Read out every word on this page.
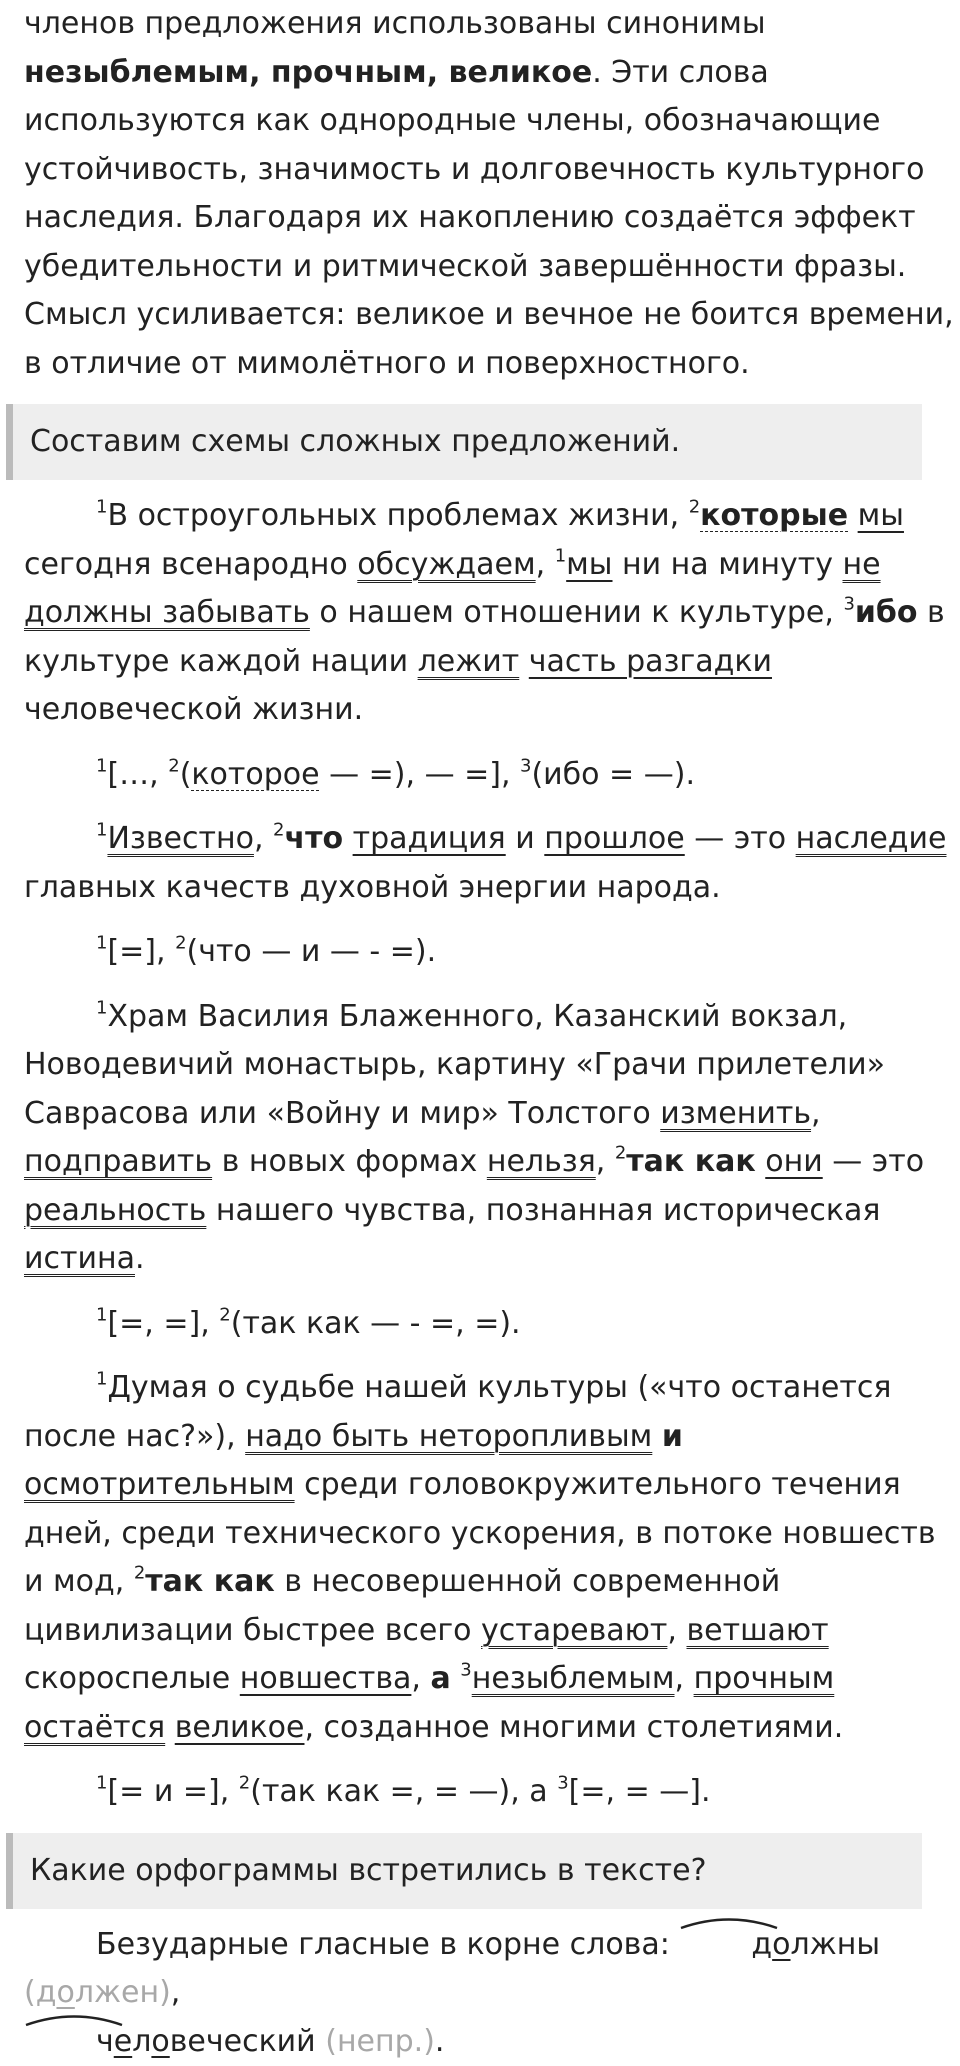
членов предложения использованы синонимы незыблемым, прочным, великое. Эти слова используются как однородные члены, обозначающие устойчивость, значимость и долговечность культурного наследия. Благодаря их накоплению создаётся эффект убедительности и ритмической завершённости фразы. Смысл усиливается: великое и вечное не боится времени, в отличие от мимолётного и поверхностного.

Составим схемы сложных предложений.

$^1$В остроугольных проблемах жизни, $^2$которые мы сегодня всенародно обсуждаем, $^1$мы ни на минуту не должны забывать о нашем отношении к культуре, $^3$ибо в культуре каждой нации лежит часть разгадки человеческой жизни.

$^1$[…, $^2$(которое — =), — =], $^3$(ибо = —).

$^1$Известно, $^2$что традиция и прошлое — это наследие главных качеств духовной энергии народа.

$^1$[=], $^2$(что — и — - =).

$^1$Храм Василия Блаженного, Казанский вокзал, Новодевичий монастырь, картину «Грачи прилетели» Саврасова или «Войну и мир» Толстого изменить, подправить в новых формах нельзя, $^2$так как они — это реальность нашего чувства, познанная историческая истина.

$^1$[=, =], $^2$(так как — - =, =).

$^1$Думая о судьбе нашей культуры («что останется после нас?»), надо быть неторопливым и осмотрительным среди головокружительного течения дней, среди технического ускорения, в потоке новшеств и мод, $^2$так как в несовершенной современной цивилизации быстрее всего устаревают, ветшают скороспелые новшества, а $^3$незыблемым, прочным остаётся великое, созданное многими столетиями.

$^1$[= и =], $^2$(так как =, = —), а $^3$[=, = —].

Какие орфограммы встретились в тексте?

Безударные гласные в корне слова:
должны (должен),

человеческий (непр.).
